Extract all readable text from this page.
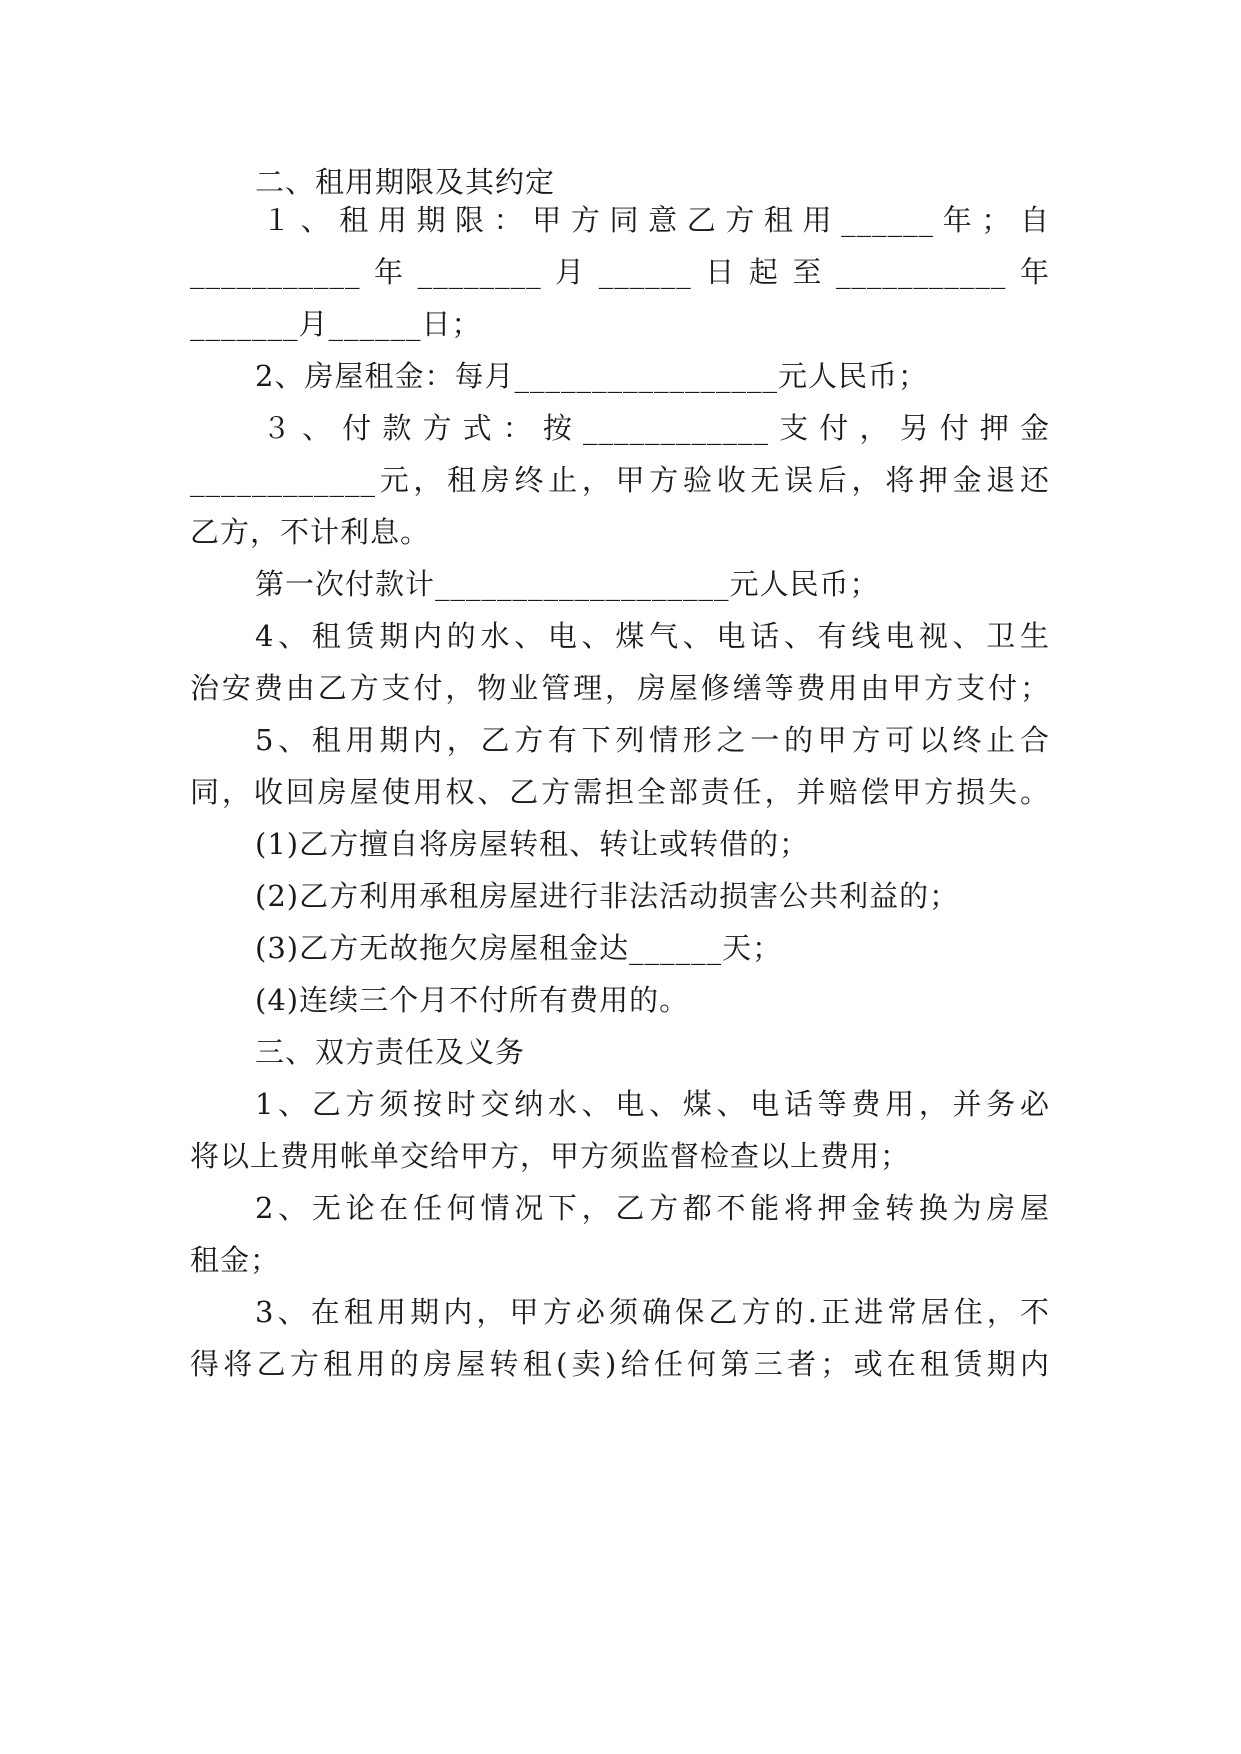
二、租用期限及其约定
１、租用期限：甲方同意乙方租用______年；自
___________年________月______日起至___________年
_______月______日；
2、房屋租金：每月_________________元人民币；
３、付款方式：按____________支付，另付押金
____________元，租房终止，甲方验收无误后，将押金退还
乙方，不计利息。
第一次付款计___________________元人民币；
4、租赁期内的水、电、煤气、电话、有线电视、卫生
治安费由乙方支付，物业管理，房屋修缮等费用由甲方支付；
5、租用期内，乙方有下列情形之一的甲方可以终止合
同，收回房屋使用权、乙方需担全部责任，并赔偿甲方损失。
(1)乙方擅自将房屋转租、转让或转借的；
(2)乙方利用承租房屋进行非法活动损害公共利益的；
(3)乙方无故拖欠房屋租金达______天；
(4)连续三个月不付所有费用的。
三、双方责任及义务
1、乙方须按时交纳水、电、煤、电话等费用，并务必
将以上费用帐单交给甲方，甲方须监督检查以上费用；
2、无论在任何情况下，乙方都不能将押金转换为房屋
租金；
3、在租用期内，甲方必须确保乙方的.正进常居住，不
得将乙方租用的房屋转租(卖)给任何第三者；或在租赁期内
